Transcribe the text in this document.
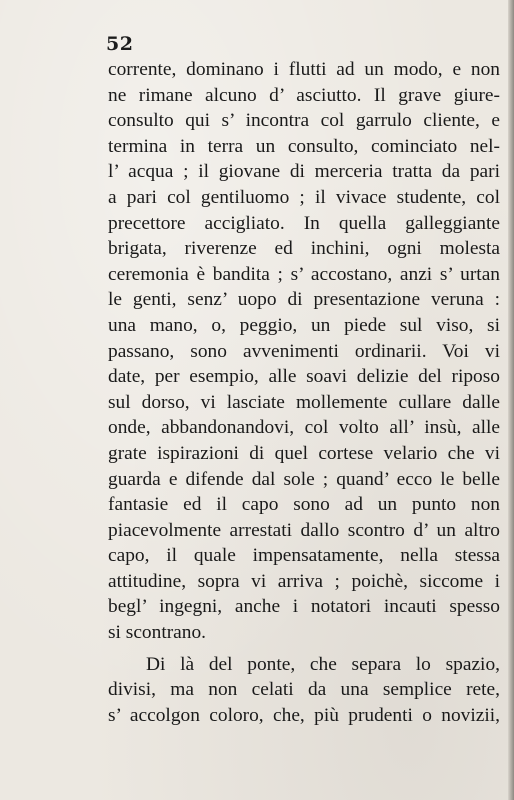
52
corrente, dominano i flutti ad un modo, e non
ne rimane alcuno d’ asciutto. Il grave giure-
consulto qui s’ incontra col garrulo cliente, e
termina in terra un consulto, cominciato nel-
l’ acqua ; il giovane di merceria tratta da pari
a pari col gentiluomo ; il vivace studente, col
precettore accigliato. In quella galleggiante
brigata, riverenze ed inchini, ogni molesta
ceremonia è bandita ; s’ accostano, anzi s’ urtan
le genti, senz’ uopo di presentazione veruna :
una mano, o, peggio, un piede sul viso, si
passano, sono avvenimenti ordinarii. Voi vi
date, per esempio, alle soavi delizie del riposo
sul dorso, vi lasciate mollemente cullare dalle
onde, abbandonandovi, col volto all’ insù, alle
grate ispirazioni di quel cortese velario che vi
guarda e difende dal sole ; quand’ ecco le belle
fantasie ed il capo sono ad un punto non
piacevolmente arrestati dallo scontro d’ un altro
capo, il quale impensatamente, nella stessa
attitudine, sopra vi arriva ; poichè, siccome i
begl’ ingegni, anche i notatori incauti spesso
si scontrano.
Di là del ponte, che separa lo spazio,
divisi, ma non celati da una semplice rete,
s’ accolgon coloro, che, più prudenti o novizii,
